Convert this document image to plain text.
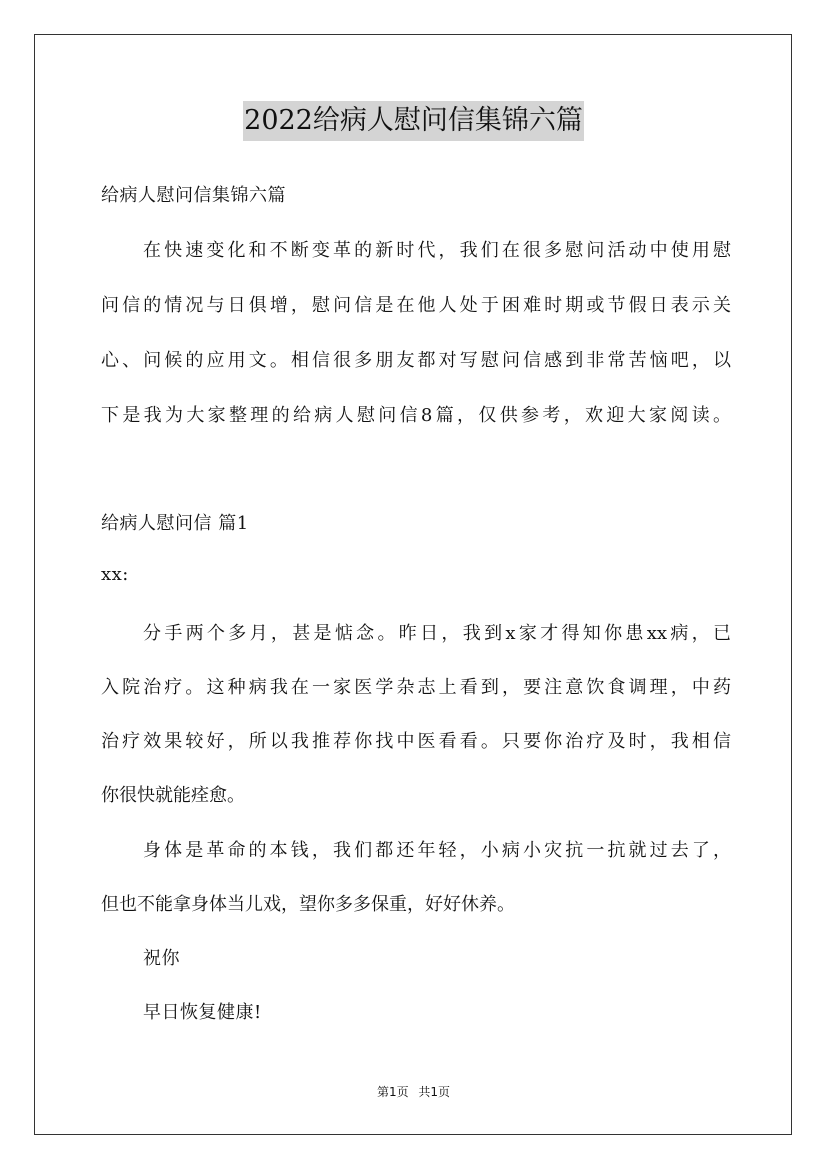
2022给病人慰问信集锦六篇
给病人慰问信集锦六篇
在快速变化和不断变革的新时代，我们在很多慰问活动中使用慰
问信的情况与日俱增，慰问信是在他人处于困难时期或节假日表示关
心、问候的应用文。相信很多朋友都对写慰问信感到非常苦恼吧，以
下是我为大家整理的给病人慰问信8篇，仅供参考，欢迎大家阅读。
给病人慰问信 篇1
xx:
分手两个多月，甚是惦念。昨日，我到x家才得知你患xx病，已
入院治疗。这种病我在一家医学杂志上看到，要注意饮食调理，中药
治疗效果较好，所以我推荐你找中医看看。只要你治疗及时，我相信
你很快就能痊愈。
身体是革命的本钱，我们都还年轻，小病小灾抗一抗就过去了，
但也不能拿身体当儿戏，望你多多保重，好好休养。
祝你
早日恢复健康!
第1页 共1页
